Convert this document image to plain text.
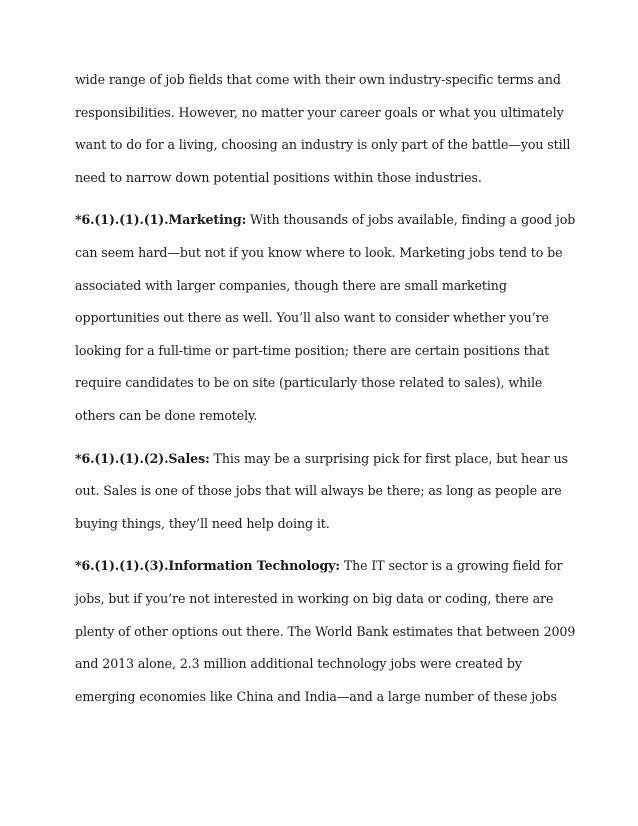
wide range of job fields that come with their own industry-specific terms and
responsibilities. However, no matter your career goals or what you ultimately
want to do for a living, choosing an industry is only part of the battle—you still
need to narrow down potential positions within those industries.
*6.(1).(1).(1).Marketing: With thousands of jobs available, finding a good job
can seem hard—but not if you know where to look. Marketing jobs tend to be
associated with larger companies, though there are small marketing
opportunities out there as well. You’ll also want to consider whether you’re
looking for a full-time or part-time position; there are certain positions that
require candidates to be on site (particularly those related to sales), while
others can be done remotely.
*6.(1).(1).(2).Sales: This may be a surprising pick for first place, but hear us
out. Sales is one of those jobs that will always be there; as long as people are
buying things, they’ll need help doing it.
*6.(1).(1).(3).Information Technology: The IT sector is a growing field for
jobs, but if you’re not interested in working on big data or coding, there are
plenty of other options out there. The World Bank estimates that between 2009
and 2013 alone, 2.3 million additional technology jobs were created by
emerging economies like China and India—and a large number of these jobs
